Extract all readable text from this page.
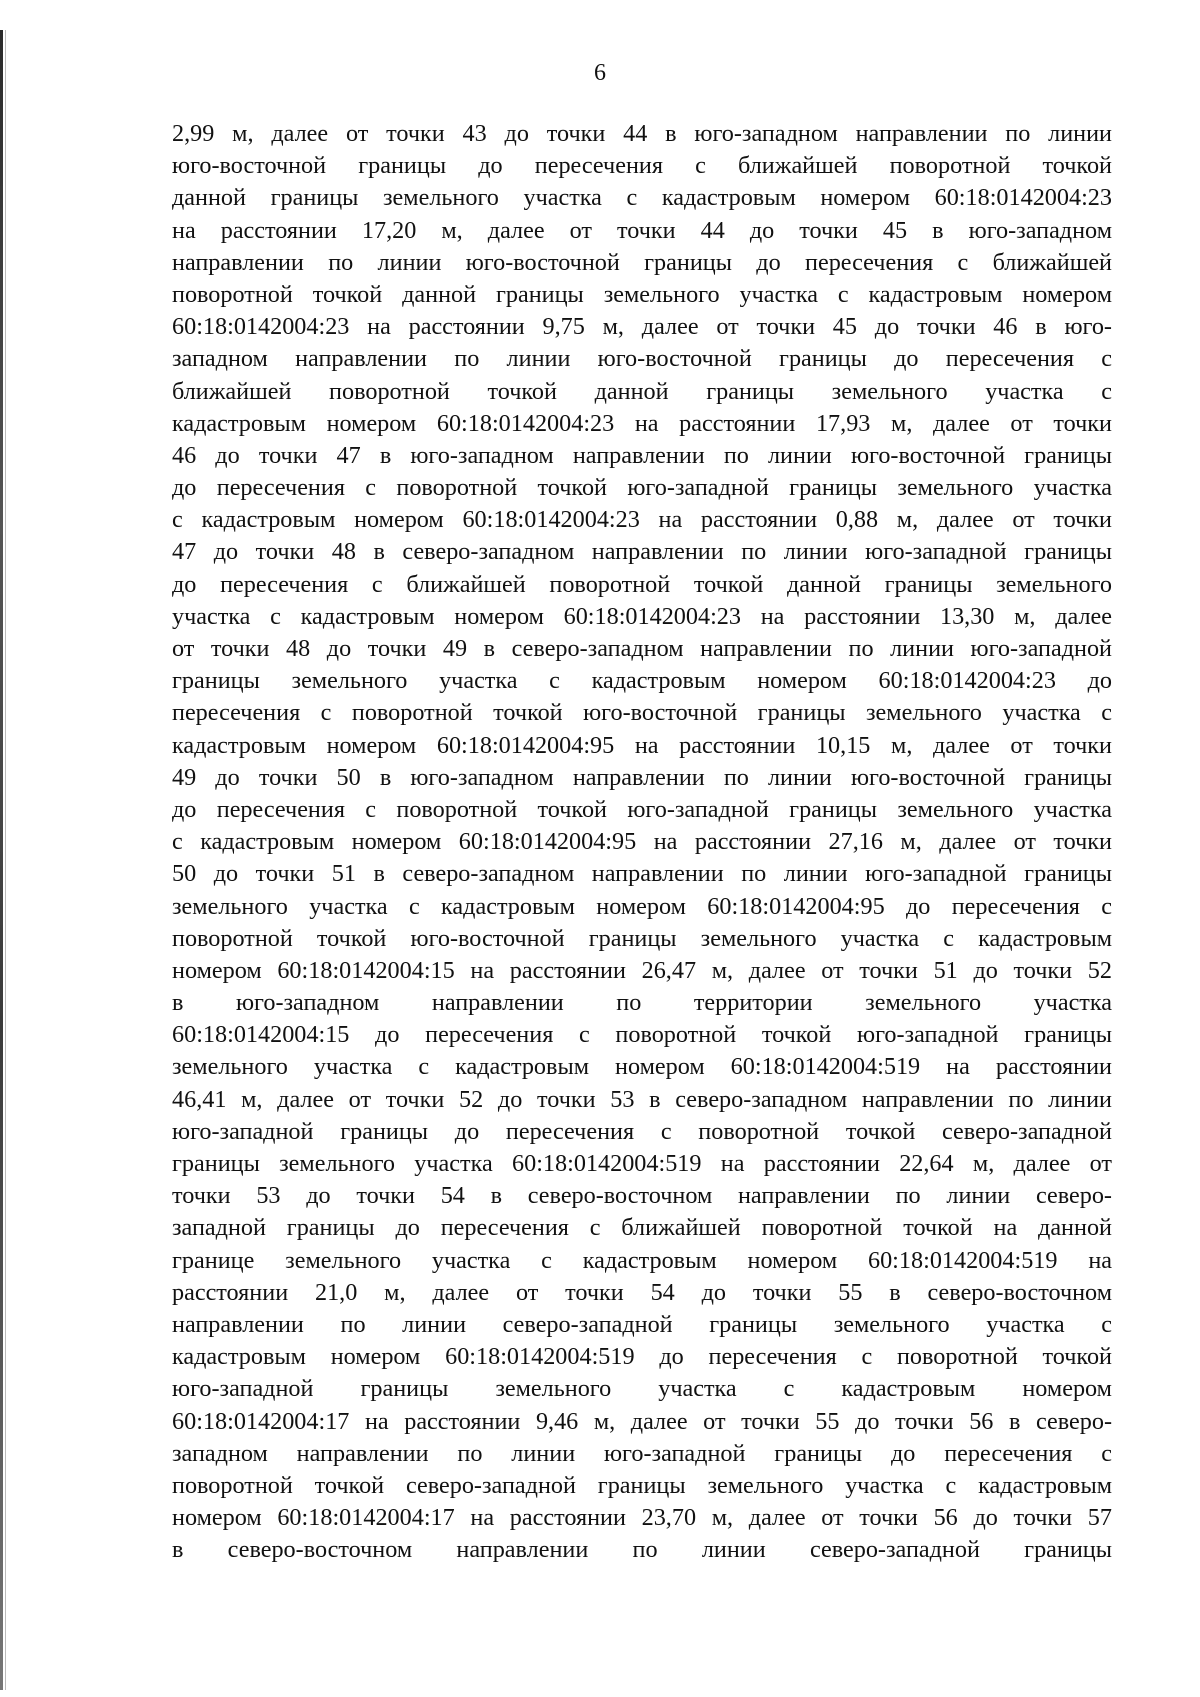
6
2,99 м, далее от точки 43 до точки 44 в юго-западном направлении по линии
юго-восточной границы до пересечения с ближайшей поворотной точкой
данной границы земельного участка с кадастровым номером 60:18:0142004:23
на расстоянии 17,20 м, далее от точки 44 до точки 45 в юго-западном
направлении по линии юго-восточной границы до пересечения с ближайшей
поворотной точкой данной границы земельного участка с кадастровым номером
60:18:0142004:23 на расстоянии 9,75 м, далее от точки 45 до точки 46 в юго-
западном направлении по линии юго-восточной границы до пересечения с
ближайшей поворотной точкой данной границы земельного участка с
кадастровым номером 60:18:0142004:23 на расстоянии 17,93 м, далее от точки
46 до точки 47 в юго-западном направлении по линии юго-восточной границы
до пересечения с поворотной точкой юго-западной границы земельного участка
с кадастровым номером 60:18:0142004:23 на расстоянии 0,88 м, далее от точки
47 до точки 48 в северо-западном направлении по линии юго-западной границы
до пересечения с ближайшей поворотной точкой данной границы земельного
участка с кадастровым номером 60:18:0142004:23 на расстоянии 13,30 м, далее
от точки 48 до точки 49 в северо-западном направлении по линии юго-западной
границы земельного участка с кадастровым номером 60:18:0142004:23 до
пересечения с поворотной точкой юго-восточной границы земельного участка с
кадастровым номером 60:18:0142004:95 на расстоянии 10,15 м, далее от точки
49 до точки 50 в юго-западном направлении по линии юго-восточной границы
до пересечения с поворотной точкой юго-западной границы земельного участка
с кадастровым номером 60:18:0142004:95 на расстоянии 27,16 м, далее от точки
50 до точки 51 в северо-западном направлении по линии юго-западной границы
земельного участка с кадастровым номером 60:18:0142004:95 до пересечения с
поворотной точкой юго-восточной границы земельного участка с кадастровым
номером 60:18:0142004:15 на расстоянии 26,47 м, далее от точки 51 до точки 52
в юго-западном направлении по территории земельного участка
60:18:0142004:15 до пересечения с поворотной точкой юго-западной границы
земельного участка с кадастровым номером 60:18:0142004:519 на расстоянии
46,41 м, далее от точки 52 до точки 53 в северо-западном направлении по линии
юго-западной границы до пересечения с поворотной точкой северо-западной
границы земельного участка 60:18:0142004:519 на расстоянии 22,64 м, далее от
точки 53 до точки 54 в северо-восточном направлении по линии северо-
западной границы до пересечения с ближайшей поворотной точкой на данной
границе земельного участка с кадастровым номером 60:18:0142004:519 на
расстоянии 21,0 м, далее от точки 54 до точки 55 в северо-восточном
направлении по линии северо-западной границы земельного участка с
кадастровым номером 60:18:0142004:519 до пересечения с поворотной точкой
юго-западной границы земельного участка с кадастровым номером
60:18:0142004:17 на расстоянии 9,46 м, далее от точки 55 до точки 56 в северо-
западном направлении по линии юго-западной границы до пересечения с
поворотной точкой северо-западной границы земельного участка с кадастровым
номером 60:18:0142004:17 на расстоянии 23,70 м, далее от точки 56 до точки 57
в северо-восточном направлении по линии северо-западной границы
